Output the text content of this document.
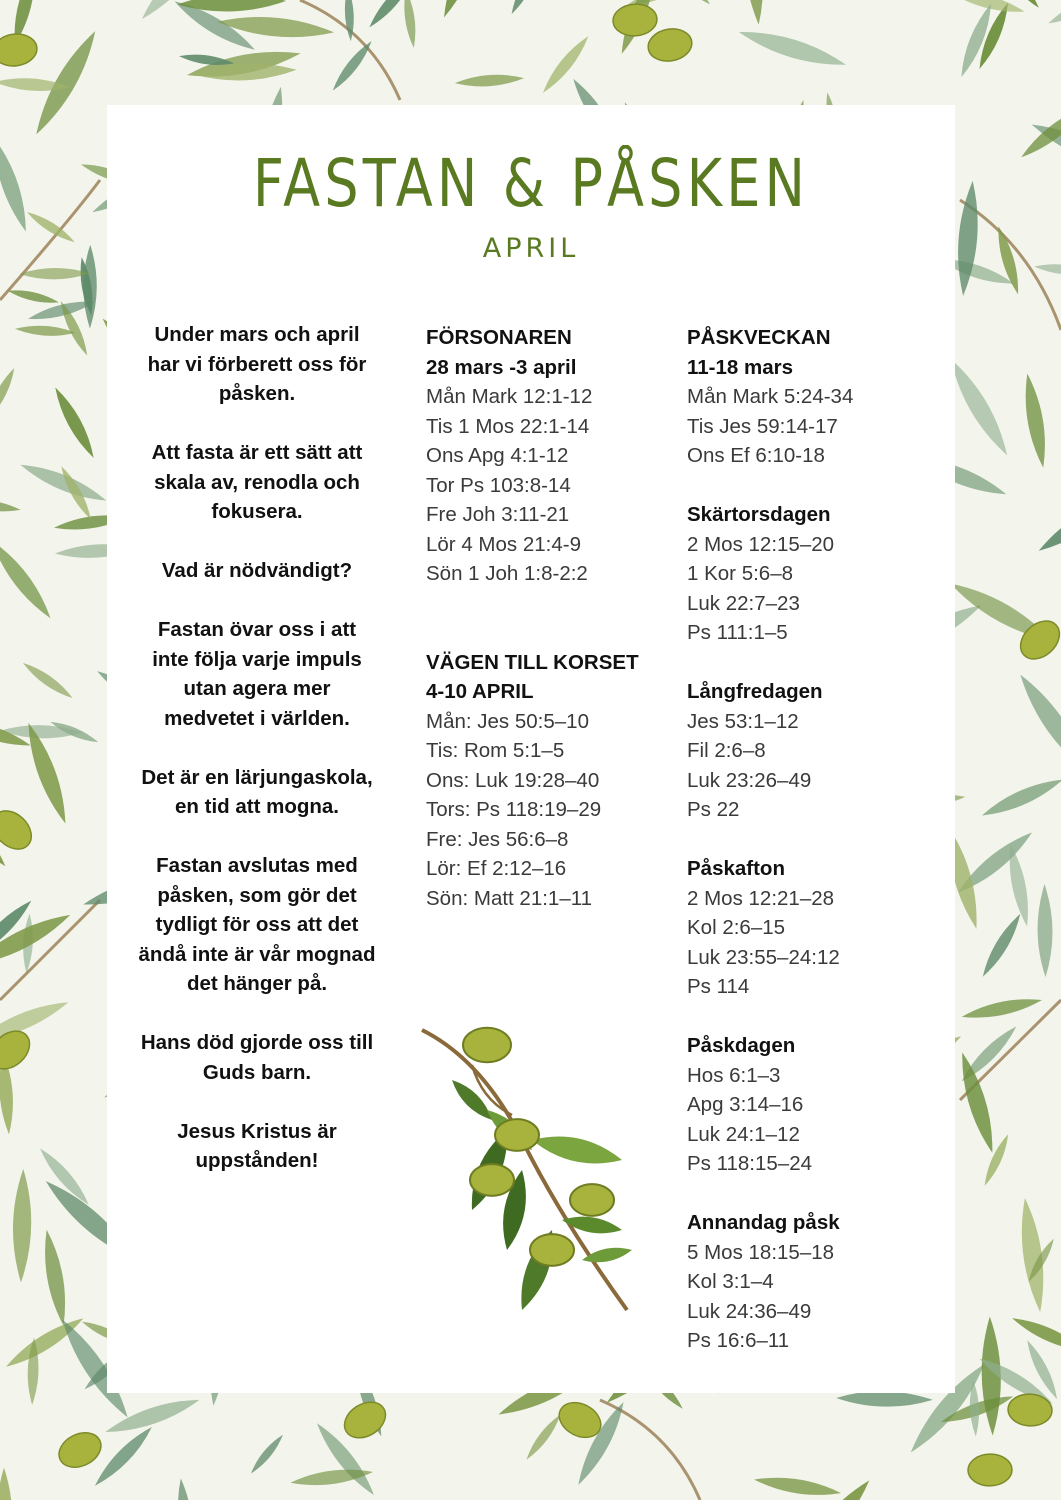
FASTAN & PÅSKEN
APRIL

Under mars och april har vi förberett oss för påsken.

Att fasta är ett sätt att skala av, renodla och fokusera.

Vad är nödvändigt?

Fastan övar oss i att inte följa varje impuls utan agera mer medvetet i världen.

Det är en lärjungaskola, en tid att mogna.

Fastan avslutas med påsken, som gör det tydligt för oss att det ändå inte är vår mognad det hänger på.

Hans död gjorde oss till Guds barn.

Jesus Kristus är uppstånden!

FÖRSONAREN
28 mars -3 april
Mån Mark 12:1-12
Tis 1 Mos 22:1-14
Ons Apg 4:1-12
Tor Ps 103:8-14
Fre Joh 3:11-21
Lör 4 Mos 21:4-9
Sön 1 Joh 1:8-2:2
VÄGEN TILL KORSET
4-10 APRIL
Mån: Jes 50:5–10
Tis: Rom 5:1–5
Ons: Luk 19:28–40
Tors: Ps 118:19–29
Fre: Jes 56:6–8
Lör: Ef 2:12–16
Sön: Matt 21:1–11
PÅSKVECKAN
11-18 mars
Mån Mark 5:24-34
Tis Jes 59:14-17
Ons Ef 6:10-18
Skärtorsdagen
2 Mos 12:15–20
1 Kor 5:6–8
Luk 22:7–23
Ps 111:1–5
Långfredagen
Jes 53:1–12
Fil 2:6–8
Luk 23:26–49
Ps 22
Påskafton
2 Mos 12:21–28
Kol 2:6–15
Luk 23:55–24:12
Ps 114
Påskdagen
Hos 6:1–3
Apg 3:14–16
Luk 24:1–12
Ps 118:15–24
Annandag påsk
5 Mos 18:15–18
Kol 3:1–4
Luk 24:36–49
Ps 16:6–11
